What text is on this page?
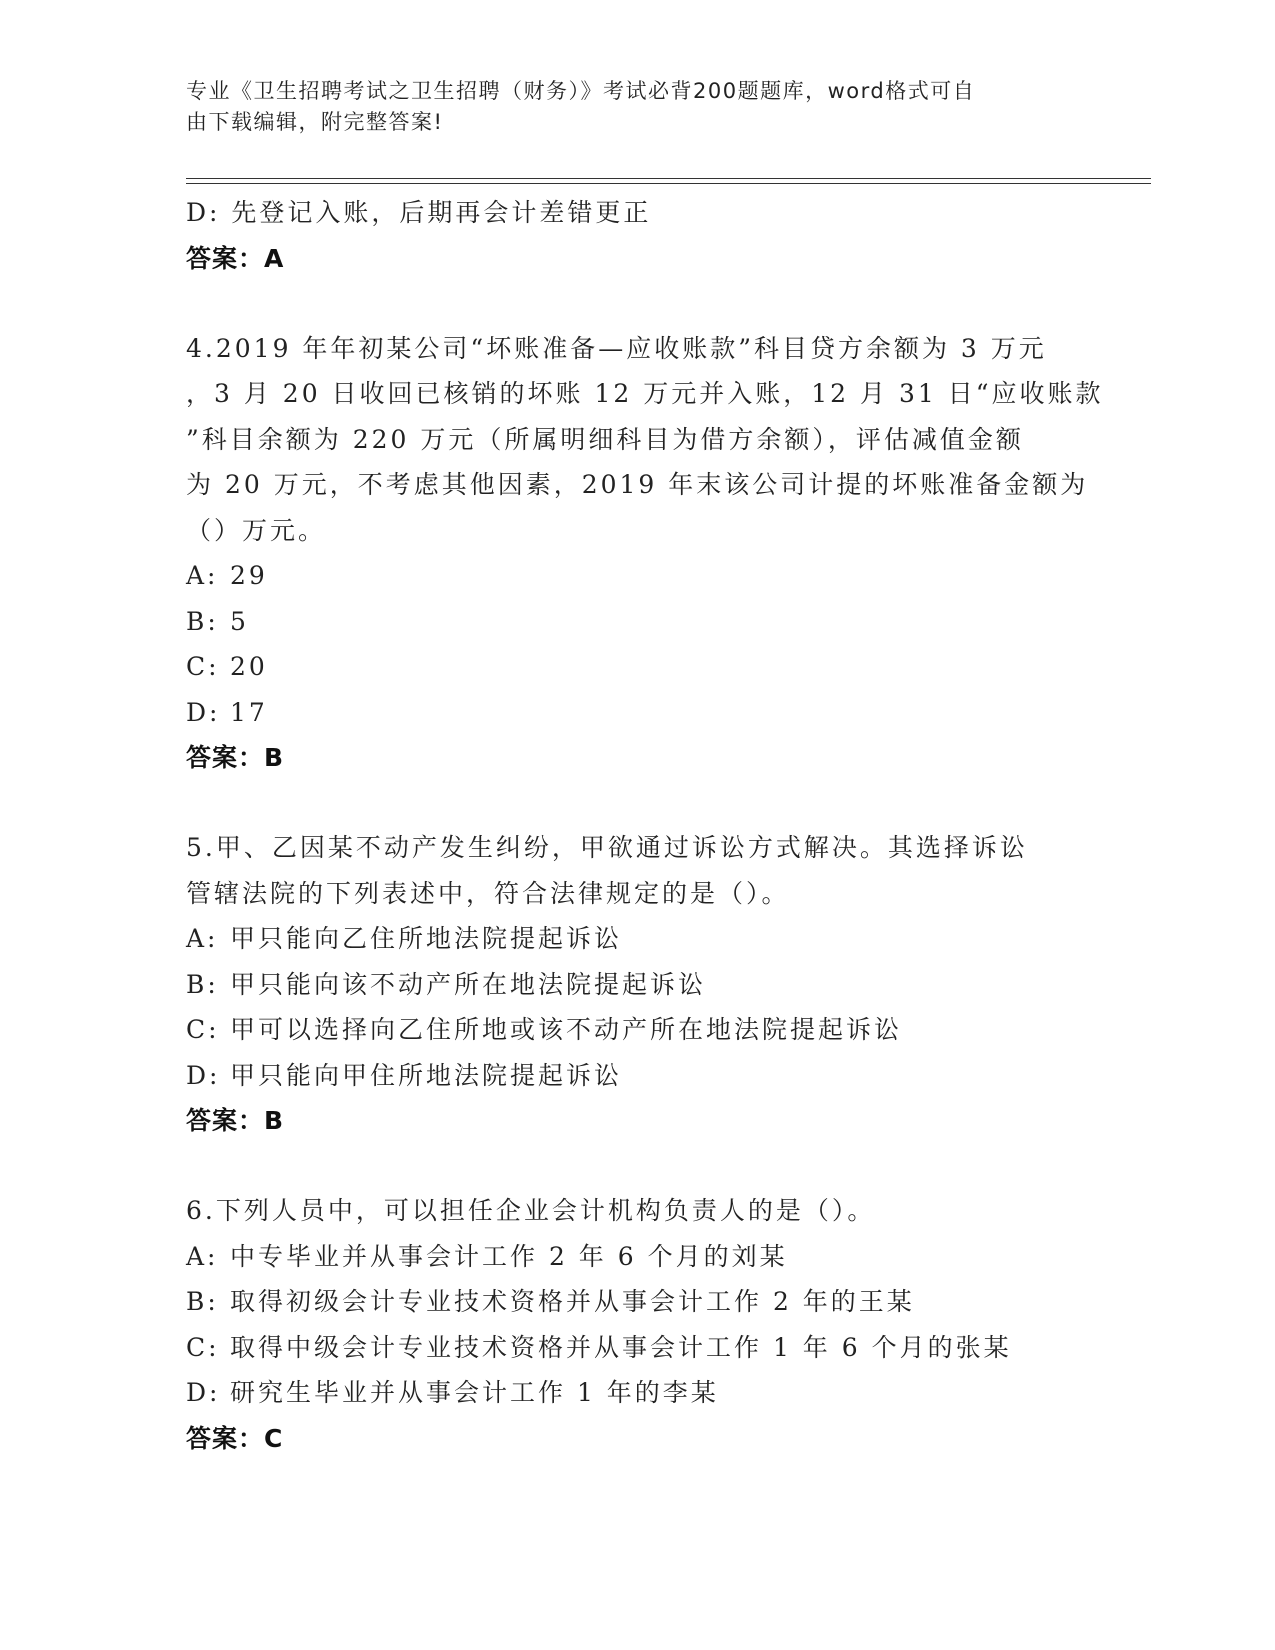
专业《卫生招聘考试之卫生招聘（财务）》考试必背200题题库，word格式可自
由下载编辑，附完整答案!
D: 先登记入账，后期再会计差错更正
答案：A
4.2019 年年初某公司“坏账准备—应收账款”科目贷方余额为 3 万元
，3 月 20 日收回已核销的坏账 12 万元并入账，12 月 31 日“应收账款
”科目余额为 220 万元（所属明细科目为借方余额），评估减值金额
为 20 万元，不考虑其他因素，2019 年末该公司计提的坏账准备金额为
（）万元。
A: 29
B: 5
C: 20
D: 17
答案：B
5.甲、乙因某不动产发生纠纷，甲欲通过诉讼方式解决。其选择诉讼
管辖法院的下列表述中，符合法律规定的是（）。
A: 甲只能向乙住所地法院提起诉讼
B: 甲只能向该不动产所在地法院提起诉讼
C: 甲可以选择向乙住所地或该不动产所在地法院提起诉讼
D: 甲只能向甲住所地法院提起诉讼
答案：B
6.下列人员中，可以担任企业会计机构负责人的是（）。
A: 中专毕业并从事会计工作 2 年 6 个月的刘某
B: 取得初级会计专业技术资格并从事会计工作 2 年的王某
C: 取得中级会计专业技术资格并从事会计工作 1 年 6 个月的张某
D: 研究生毕业并从事会计工作 1 年的李某
答案：C
